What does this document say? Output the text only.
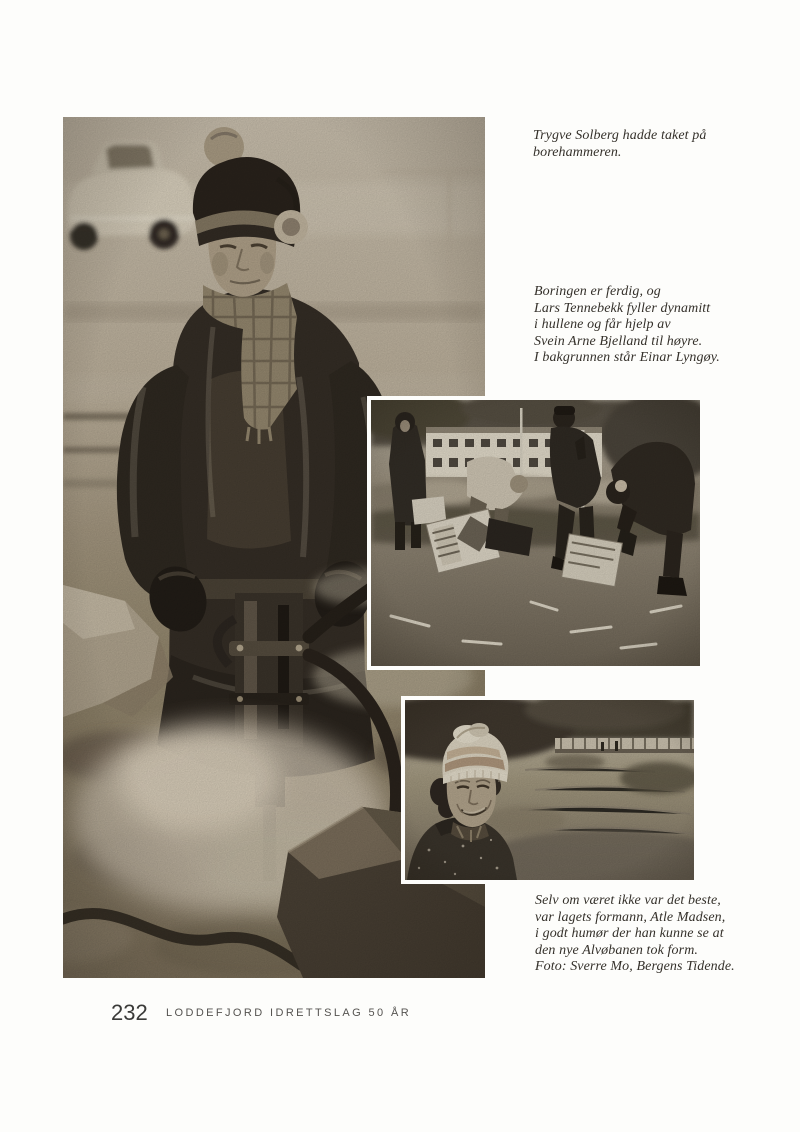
Trygve Solberg hadde taket på
borehammeren.
Boringen er ferdig, og
Lars Tennebekk fyller dynamitt
i hullene og får hjelp av
Svein Arne Bjelland til høyre.
I bakgrunnen står Einar Lyngøy.
Selv om været ikke var det beste,
var lagets formann, Atle Madsen,
i godt humør der han kunne se at
den nye Alvøbanen tok form.
Foto: Sverre Mo, Bergens Tidende.
232 LODDEFJORD IDRETTSLAG 50 ÅR
